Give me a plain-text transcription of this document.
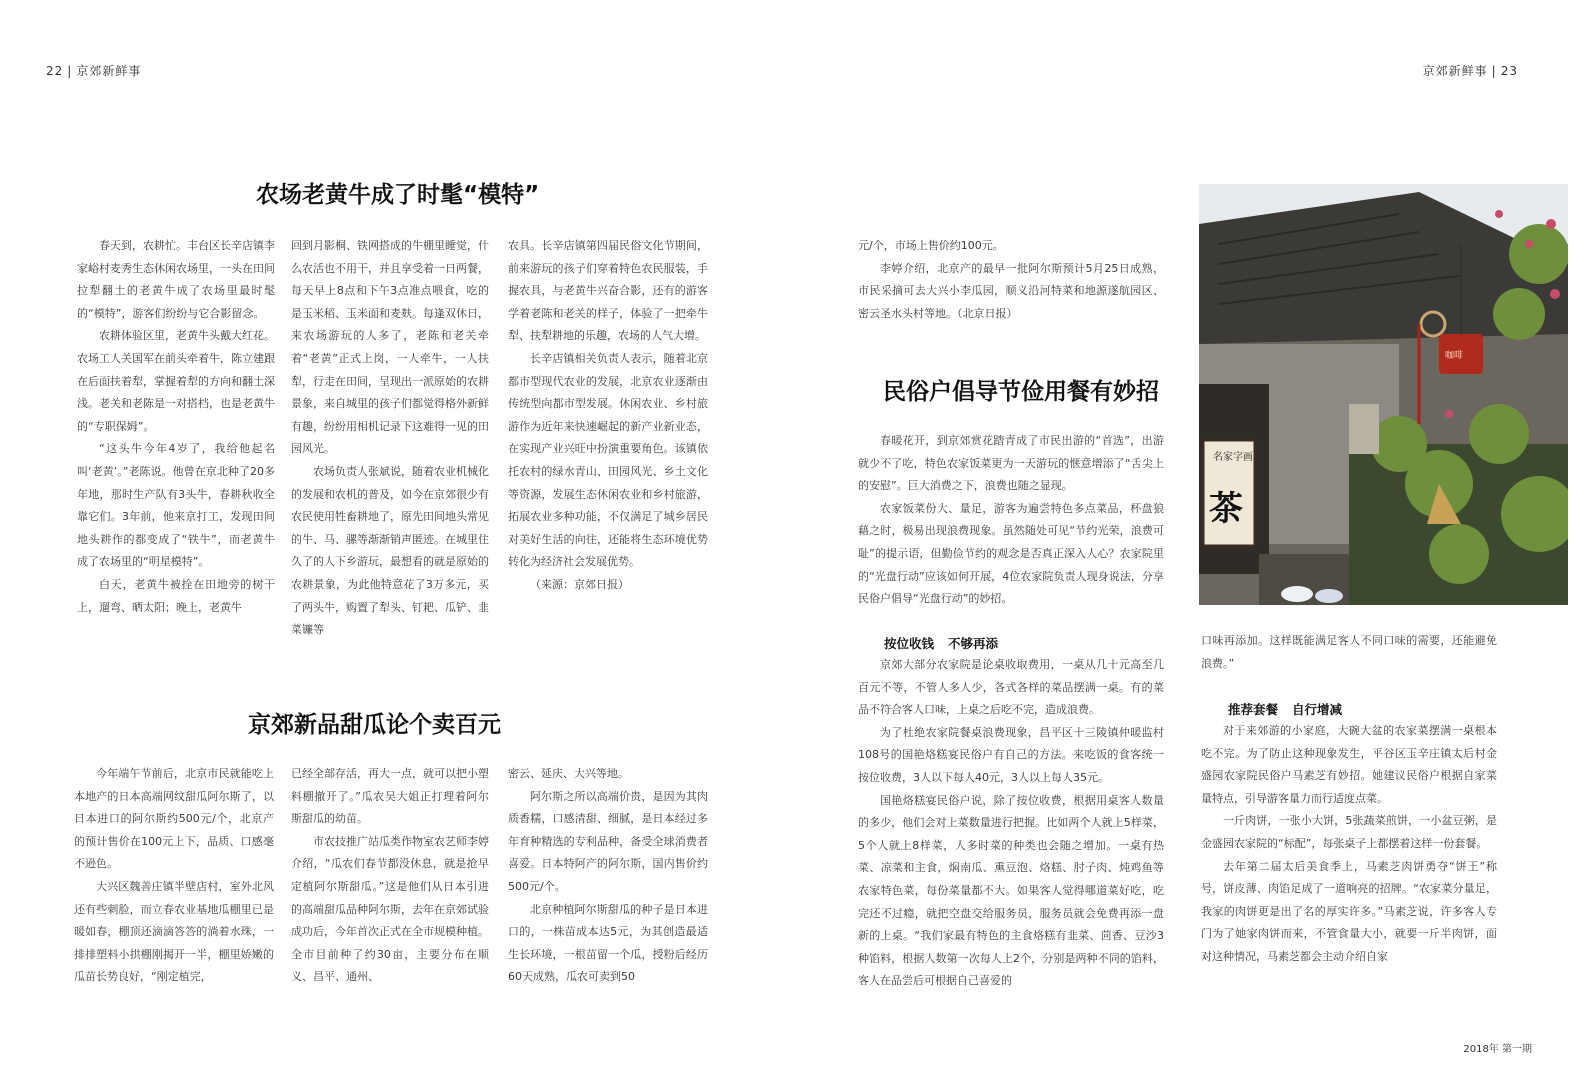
22 | 京郊新鲜事	京郊新鲜事 | 23
农场老黄牛成了时髦“模特”

春天到，农耕忙。丰台区长辛店镇李家峪村麦秀生态休闲农场里，一头在田间拉犁翻土的老黄牛成了农场里最时髦的“模特”，游客们纷纷与它合影留念。

农耕体验区里，老黄牛头戴大红花。农场工人关国军在前头牵着牛，陈立建跟在后面扶着犁，掌握着犁的方向和翻土深浅。老关和老陈是一对搭档，也是老黄牛的“专职保姆”。

“这头牛今年4岁了，我给他起名叫‘老黄’。”老陈说。他曾在京北种了20多年地，那时生产队有3头牛，春耕秋收全靠它们。3年前，他来京打工，发现田间地头耕作的都变成了“铁牛”，而老黄牛成了农场里的“明星模特”。

白天，老黄牛被拴在田地旁的树干上，遛弯、晒太阳；晚上，老黄牛

回到月影桐、铁网搭成的牛棚里睡觉，什么农活也不用干，并且享受着一日两餐，每天早上8点和下午3点准点喂食，吃的是玉米稻、玉米面和麦麸。每逢双休日，来农场游玩的人多了，老陈和老关牵着“老黄”正式上岗，一人牵牛，一人扶犁，行走在田间，呈现出一派原始的农耕景象，来自城里的孩子们都觉得格外新鲜有趣，纷纷用相机记录下这难得一见的田园风光。

农场负责人张斌说，随着农业机械化的发展和农机的普及，如今在京郊很少有农民使用牲畜耕地了，原先田间地头常见的牛、马、骡等渐渐销声匿迹。在城里住久了的人下乡游玩，最想看的就是原始的农耕景象，为此他特意花了3万多元，买了两头牛，购置了犁头、钉耙、瓜铲、韭菜镰等

农具。长辛店镇第四届民俗文化节期间，前来游玩的孩子们穿着特色农民服装，手握农具，与老黄牛兴奋合影，还有的游客学着老陈和老关的样子，体验了一把牵牛犁、扶犁耕地的乐趣，农场的人气大增。

长辛店镇相关负责人表示，随着北京都市型现代农业的发展，北京农业逐渐由传统型向都市型发展。休闲农业、乡村旅游作为近年来快速崛起的新产业新业态，在实现产业兴旺中扮演重要角色。该镇依托农村的绿水青山、田园风光、乡土文化等资源，发展生态休闲农业和乡村旅游，拓展农业多种功能，不仅满足了城乡居民对美好生活的向往，还能将生态环境优势转化为经济社会发展优势。

（来源：京郊日报）

京郊新品甜瓜论个卖百元

今年端午节前后，北京市民就能吃上本地产的日本高端网纹甜瓜阿尔斯了，以日本进口的阿尔斯约500元/个，北京产的预计售价在100元上下，品质、口感毫不逊色。

大兴区魏善庄镇半壁店村，室外北风还有些刺脸，而立春农业基地瓜棚里已是暖如春，棚顶还滴滴答答的淌着水珠，一排排塑料小拱棚刚揭开一半，棚里娇嫩的瓜苗长势良好，“刚定植完，

已经全部存活，再大一点，就可以把小塑料棚撤开了。”瓜农吴大姐正打理着阿尔斯甜瓜的幼苗。

市农技推广站瓜类作物室农艺师李婷介绍，“瓜农们春节都没休息，就是抢早定植阿尔斯甜瓜。”这是他们从日本引进的高端甜瓜品种阿尔斯，去年在京郊试验成功后，今年首次正式在全市规模种植。全市目前种了约30亩，主要分布在顺义、昌平、通州、

密云、延庆、大兴等地。

阿尔斯之所以高端价贵，是因为其肉质香糯，口感清甜、细腻，是日本经过多年育种精选的专利品种，备受全球消费者喜爱。日本特阿产的阿尔斯，国内售价约500元/个。

北京种植阿尔斯甜瓜的种子是日本进口的，一株苗成本达5元，为其创造最适生长环境，一根苗留一个瓜，授粉后经历60天成熟，瓜农可卖到50

元/个，市场上售价约100元。

李婷介绍，北京产的最早一批阿尔斯预计5月25日成熟，市民采摘可去大兴小李瓜园，顺义沿河特菜和地源遂航园区、密云圣水头村等地。（北京日报）

民俗户倡导节俭用餐有妙招

春暖花开，到京郊赏花踏青成了市民出游的“首选”，出游就少不了吃，特色农家饭菜更为一天游玩的惬意增添了“舌尖上的安慰”。巨大消费之下，浪费也随之显现。

农家饭菜份大、量足，游客为遍尝特色多点菜品，杯盘狼藉之时，极易出现浪费现象。虽然随处可见“节约光荣，浪费可耻”的提示语，但勤俭节约的观念是否真正深入人心？农家院里的“光盘行动”应该如何开展，4位农家院负责人现身说法，分享民俗户倡导“光盘行动”的妙招。

按位收钱 不够再添

京郊大部分农家院是论桌收取费用，一桌从几十元高至几百元不等，不管人多人少，各式各样的菜品摆满一桌。有的菜品不符合客人口味，上桌之后吃不完，造成浪费。

为了杜绝农家院餐桌浪费现象，昌平区十三陵镇仲暖监村108号的国艳烙糕宴民俗户有自己的方法。来吃饭的食客统一按位收费，3人以下每人40元，3人以上每人35元。

国艳烙糕宴民俗户说，除了按位收费，根据用桌客人数量的多少，他们会对上菜数量进行把握。比如两个人就上5样菜，5个人就上8样菜，人多时菜的种类也会随之增加。一桌有热菜、凉菜和主食，焖南瓜、熏豆泡、烙糕、肘子肉、炖鸡鱼等农家特色菜，每份菜量都不大。如果客人觉得哪道菜好吃，吃完还不过瘾，就把空盘交给服务员，服务员就会免费再添一盘新的上桌。“我们家最有特色的主食烙糕有韭菜、茴香、豆沙3种馅料，根据人数第一次每人上2个，分别是两种不同的馅料，客人在品尝后可根据自己喜爱的

口味再添加。这样既能满足客人不同口味的需要，还能避免浪费。”

推荐套餐 自行增减

对于来郊游的小家庭，大碗大盆的农家菜摆满一桌根本吃不完。为了防止这种现象发生，平谷区玉辛庄镇太后村金盛园农家院民俗户马素芝有妙招。她建议民俗户根据自家菜量特点，引导游客量力而行适度点菜。

一斤肉饼，一张小大饼，5张蔬菜煎饼，一小盆豆粥，是金盛园农家院的“标配”，每张桌子上都摆着这样一份套餐。

去年第二届太后美食季上，马素芝肉饼勇夺“饼王”称号，饼皮薄、肉馅足成了一道响亮的招牌。“农家菜分量足，我家的肉饼更是出了名的厚实许多。”马素芝说，许多客人专门为了她家肉饼而来，不管食量大小，就要一斤半肉饼，面对这种情况，马素芝都会主动介绍自家

名家字画
茶
咖啡
2018年 第一期
